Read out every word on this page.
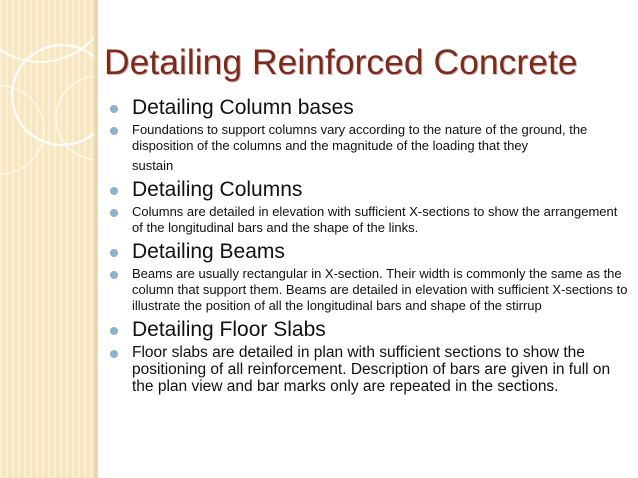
Detailing Reinforced Concrete
Detailing Column bases
Foundations to support columns vary according to the nature of the ground, the disposition of the columns and the magnitude of the loading that they
sustain
Detailing Columns
Columns are detailed in elevation with sufficient X-sections to show the arrangement of the longitudinal bars and the shape of the links.
Detailing Beams
Beams are usually rectangular in X-section. Their width is commonly the same as the column that support them. Beams are detailed in elevation with sufficient X-sections to illustrate the position of all the longitudinal bars and shape of the stirrup
Detailing Floor Slabs
Floor slabs are detailed in plan with sufficient sections to show the positioning of all reinforcement. Description of bars are given in full on the plan view and bar marks only are repeated in the sections.
